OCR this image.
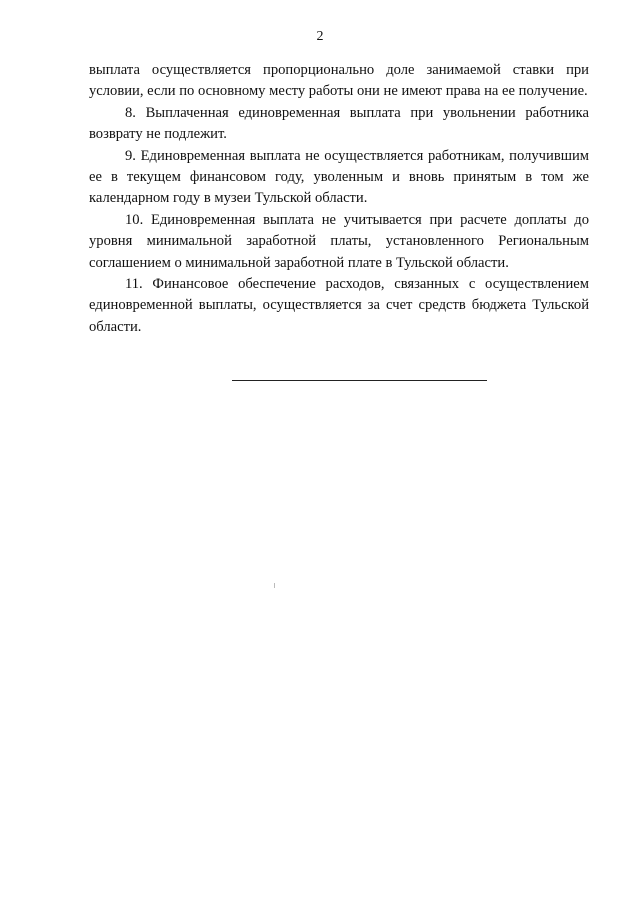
2

выплата осуществляется пропорционально доле занимаемой ставки при условии, если по основному месту работы они не имеют права на ее получение.

8. Выплаченная единовременная выплата при увольнении работника возврату не подлежит.

9. Единовременная выплата не осуществляется работникам, получившим ее в текущем финансовом году, уволенным и вновь принятым в том же календарном году в музеи Тульской области.

10. Единовременная выплата не учитывается при расчете доплаты до уровня минимальной заработной платы, установленного Региональным соглашением о минимальной заработной плате в Тульской области.

11. Финансовое обеспечение расходов, связанных с осуществлением единовременной выплаты, осуществляется за счет средств бюджета Тульской области.
